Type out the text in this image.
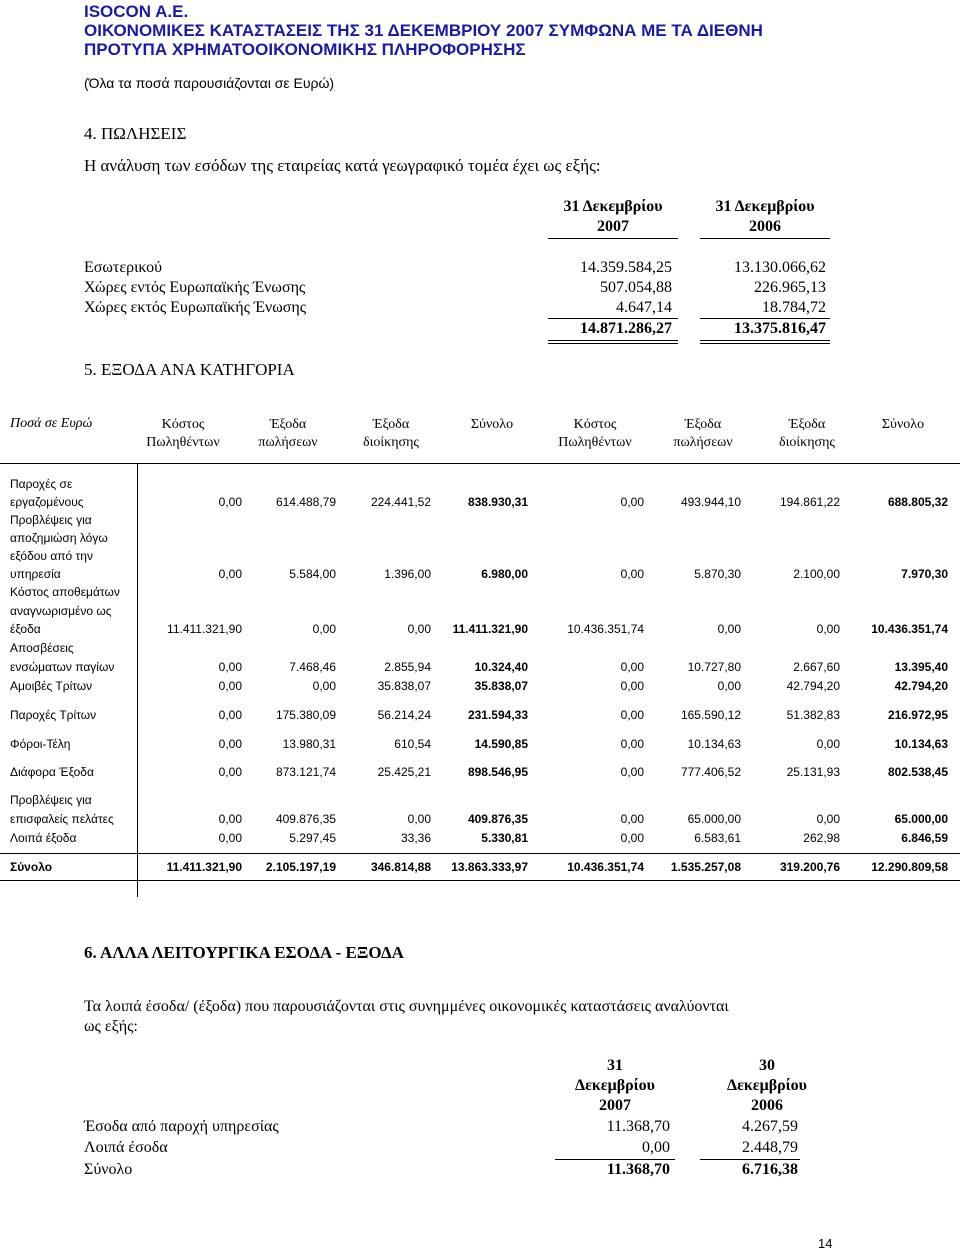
ISOCON A.E.
ΟΙΚΟΝΟΜΙΚΕΣ ΚΑΤΑΣΤΑΣΕΙΣ ΤΗΣ 31 ΔΕΚΕΜΒΡΙΟΥ 2007 ΣΥΜΦΩΝΑ ΜΕ ΤΑ ΔΙΕΘΝΗ
ΠΡΟΤΥΠΑ ΧΡΗΜΑΤΟΟΙΚΟΝΟΜΙΚΗΣ ΠΛΗΡΟΦΟΡΗΣΗΣ
(Όλα τα ποσά παρουσιάζονται σε Ευρώ)
4. ΠΩΛΗΣΕΙΣ
Η ανάλυση των εσόδων της εταιρείας κατά γεωγραφικό τομέα έχει ως εξής:
31 Δεκεμβρίου
2007
31 Δεκεμβρίου
2006
Εσωτερικού	14.359.584,25	13.130.066,62
Χώρες εντός Ευρωπαϊκής Ένωσης	507.054,88	226.965,13
Χώρες εκτός Ευρωπαϊκής Ένωσης	4.647,14	18.784,72
14.871.286,27	13.375.816,47
5. ΕΞΟΔΑ ΑΝΑ ΚΑΤΗΓΟΡΙΑ
Ποσά σε Ευρώ	Κόστος
Πωληθέντων
Έξοδα
πωλήσεων
Έξοδα
διοίκησης
Σύνολο	Κόστος
Πωληθέντων
Έξοδα
πωλήσεων
Έξοδα
διοίκησης
Σύνολο
Παροχές σε
εργαζομένους	0,00	614.488,79	224.441,52	838.930,31	0,00	493.944,10	194.861,22	688.805,32
Προβλέψεις για
αποζημιώση λόγω
εξόδου από την
υπηρεσία	0,00	5.584,00	1.396,00	6.980,00	0,00	5.870,30	2.100,00	7.970,30
Κόστος αποθεμάτων
αναγνωρισμένο ως
έξοδα	11.411.321,90	0,00	0,00	11.411.321,90	10.436.351,74	0,00	0,00	10.436.351,74
Αποσβέσεις
ενσώματων παγίων	0,00	7.468,46	2.855,94	10.324,40	0,00	10.727,80	2.667,60	13.395,40
Αμοιβές Τρίτων	0,00	0,00	35.838,07	35.838,07	0,00	0,00	42.794,20	42.794,20
Παροχές Τρίτων	0,00	175.380,09	56.214,24	231.594,33	0,00	165.590,12	51.382,83	216.972,95
Φόροι-Τέλη	0,00	13.980,31	610,54	14.590,85	0,00	10.134,63	0,00	10.134,63
Διάφορα Έξοδα	0,00	873.121,74	25.425,21	898.546,95	0,00	777.406,52	25.131,93	802.538,45
Προβλέψεις για
επισφαλείς πελάτες	0,00	409.876,35	0,00	409.876,35	0,00	65.000,00	0,00	65.000,00
Λοιπά έξοδα	0,00	5.297,45	33,36	5.330,81	0,00	6.583,61	262,98	6.846,59
Σύνολο	11.411.321,90	2.105.197,19	346.814,88	13.863.333,97	10.436.351,74	1.535.257,08	319.200,76	12.290.809,58
6. ΑΛΛΑ ΛΕΙΤΟΥΡΓΙΚΑ ΕΣΟΔΑ - ΕΞΟΔΑ
Τα λοιπά έσοδα/ (έξοδα) που παρουσιάζονται στις συνημμένες οικονομικές καταστάσεις αναλύονται
ως εξής:
31
Δεκεμβρίου
2007
30
Δεκεμβρίου
2006
Έσοδα από παροχή υπηρεσίας	11.368,70	4.267,59
Λοιπά έσοδα	0,00	2.448,79
Σύνολο	11.368,70	6.716,38
14
